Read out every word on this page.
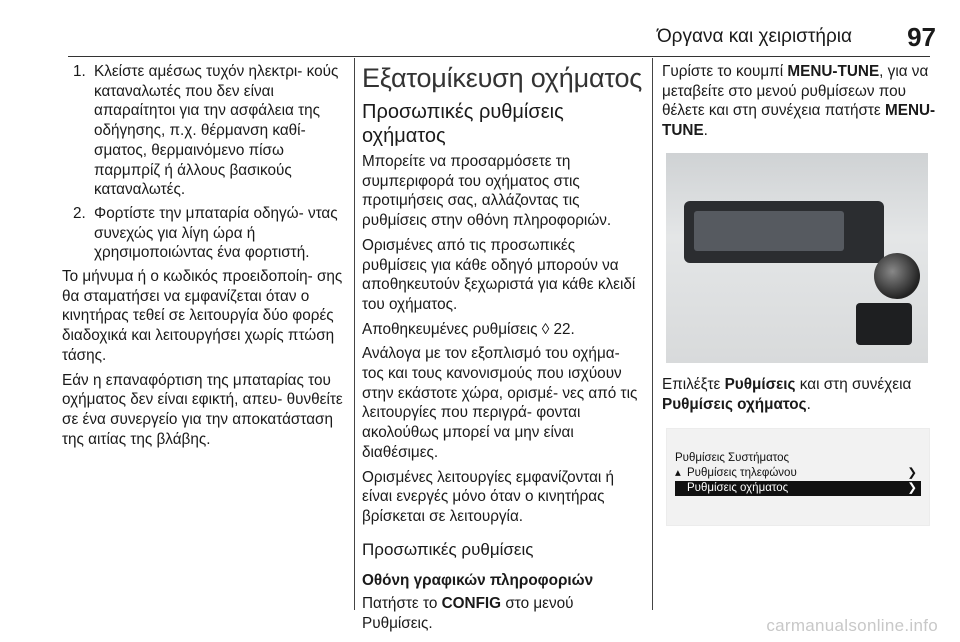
Όργανα και χειριστήρια 97
1. Κλείστε αμέσως τυχόν ηλεκτρι- κούς καταναλωτές που δεν είναι απαραίτητοι για την ασφάλεια της οδήγησης, π.χ. θέρμανση καθί- σματος, θερμαινόμενο πίσω παρμπρίζ ή άλλους βασικούς καταναλωτές.
2. Φορτίστε την μπαταρία οδηγώ- ντας συνεχώς για λίγη ώρα ή χρησιμοποιώντας ένα φορτιστή.

Το μήνυμα ή ο κωδικός προειδοποίη- σης θα σταματήσει να εμφανίζεται όταν ο κινητήρας τεθεί σε λειτουργία δύο φορές διαδοχικά και λειτουργήσει χωρίς πτώση τάσης.

Εάν η επαναφόρτιση της μπαταρίας του οχήματος δεν είναι εφικτή, απευ- θυνθείτε σε ένα συνεργείο για την αποκατάσταση της αιτίας της βλάβης.

Εξατομίκευση οχήματος
Προσωπικές ρυθμίσεις οχήματος

Μπορείτε να προσαρμόσετε τη συμπεριφορά του οχήματος στις προτιμήσεις σας, αλλάζοντας τις ρυθμίσεις στην οθόνη πληροφοριών.

Ορισμένες από τις προσωπικές ρυθμίσεις για κάθε οδηγό μπορούν να αποθηκευτούν ξεχωριστά για κάθε κλειδί του οχήματος.

Αποθηκευμένες ρυθμίσεις ◊ 22.

Ανάλογα με τον εξοπλισμό του οχήμα- τος και τους κανονισμούς που ισχύουν στην εκάστοτε χώρα, ορισμέ- νες από τις λειτουργίες που περιγρά- φονται ακολούθως μπορεί να μην είναι διαθέσιμες.

Ορισμένες λειτουργίες εμφανίζονται ή είναι ενεργές μόνο όταν ο κινητήρας βρίσκεται σε λειτουργία.

Προσωπικές ρυθμίσεις
Οθόνη γραφικών πληροφοριών

Πατήστε το CONFIG στο μενού Ρυθμίσεις.

Γυρίστε το κουμπί MENU-TUNE, για να μεταβείτε στο μενού ρυθμίσεων που θέλετε και στη συνέχεια πατήστε MENU-TUNE.

Επιλέξτε Ρυθμίσεις και στη συνέχεια Ρυθμίσεις οχήματος.

Ρυθμίσεις Συστήματος
▴ Ρυθμίσεις τηλεφώνου	❯
Ρυθμίσεις οχήματος	❯
carmanualsonline.info
